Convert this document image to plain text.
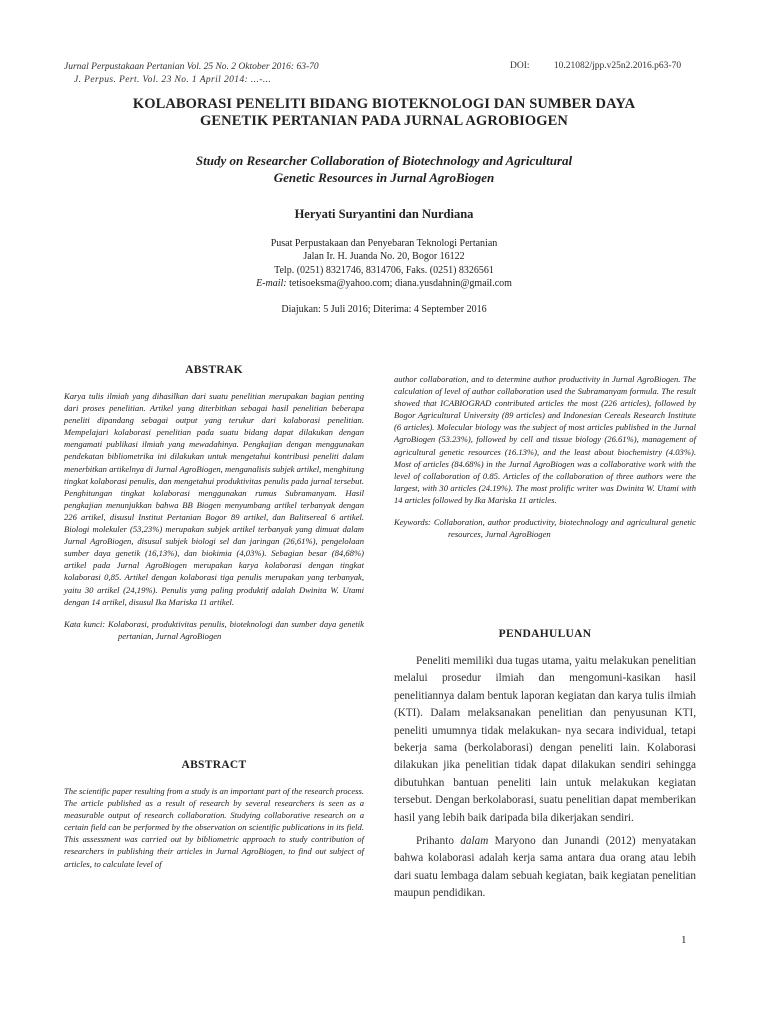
Jurnal Perpustakaan Pertanian Vol. 25 No. 2 Oktober 2016: 63-70
J. Perpus. Pert. Vol. 23 No. 1 April 2014: ...-...
DOI:	10.21082/jpp.v25n2.2016.p63-70
KOLABORASI PENELITI BIDANG BIOTEKNOLOGI DAN SUMBER DAYA
GENETIK PERTANIAN PADA JURNAL AGROBIOGEN
Study on Researcher Collaboration of Biotechnology and Agricultural
Genetic Resources in Jurnal AgroBiogen
Heryati Suryantini dan Nurdiana
Pusat Perpustakaan dan Penyebaran Teknologi Pertanian
Jalan Ir. H. Juanda No. 20, Bogor 16122
Telp. (0251) 8321746, 8314706, Faks. (0251) 8326561
E-mail: tetisoeksma@yahoo.com; diana.yusdahnin@gmail.com
Diajukan: 5 Juli 2016; Diterima: 4 September 2016
ABSTRAK
Karya tulis ilmiah yang dihasilkan dari suatu penelitian merupakan bagian penting dari proses penelitian. Artikel yang diterbitkan sebagai hasil penelitian beberapa peneliti dipandang sebagai output yang terukur dari kolaborasi penelitian. Mempelajari kolaborasi penelitian pada suatu bidang dapat dilakukan dengan mengamati publikasi ilmiah yang mewadahinya. Pengkajian dengan menggunakan pendekatan bibliometrika ini dilakukan untuk mengetahui kontribusi peneliti dalam menerbitkan artikelnya di Jurnal AgroBiogen, menganalisis subjek artikel, menghitung tingkat kolaborasi penulis, dan mengetahui produktivitas penulis pada jurnal tersebut. Penghitungan tingkat kolaborasi menggunakan rumus Subramanyam. Hasil pengkajian menunjukkan bahwa BB Biogen menyumbang artikel terbanyak dengan 226 artikel, disusul Institut Pertanian Bogor 89 artikel, dan Balitsereal 6 artikel. Biologi molekuler (53,23%) merupakan subjek artikel terbanyak yang dimuat dalam Jurnal AgroBiogen, disusul subjek biologi sel dan jaringan (26,61%), pengelolaan sumber daya genetik (16,13%), dan biokimia (4,03%). Sebagian besar (84,68%) artikel pada Jurnal AgroBiogen merupakan karya kolaborasi dengan tingkat kolaborasi 0,85. Artikel dengan kolaborasi tiga penulis merupakan yang terbanyak, yaitu 30 artikel (24,19%). Penulis yang paling produktif adalah Dwinita W. Utami dengan 14 artikel, disusul Ika Mariska 11 artikel.
Kata kunci: Kolaborasi, produktivitas penulis, bioteknologi dan sumber daya genetik pertanian, Jurnal AgroBiogen
ABSTRACT
The scientific paper resulting from a study is an important part of the research process. The article published as a result of research by several researchers is seen as a measurable output of research collaboration. Studying collaborative research on a certain field can be performed by the observation on scientific publications in its field. This assessment was carried out by bibliometric approach to study contribution of researchers in publishing their articles in Jurnal AgroBiogen, to find out subject of articles, to calculate level of
author collaboration, and to determine author productivity in Jurnal AgroBiogen. The calculation of level of author collaboration used the Subramanyam formula. The result showed that ICABIOGRAD contributed articles the most (226 articles), followed by Bogor Agricultural University (89 articles) and Indonesian Cereals Research Institute (6 articles). Molecular biology was the subject of most articles published in the Jurnal AgroBiogen (53.23%), followed by cell and tissue biology (26.61%), management of agricultural genetic resources (16.13%), and the least about biochemistry (4.03%). Most of articles (84.68%) in the Jurnal AgroBiogen was a collaborative work with the level of collaboration of 0.85. Articles of the collaboration of three authors were the largest, with 30 articles (24.19%). The most prolific writer was Dwinita W. Utami with 14 articles followed by Ika Mariska 11 articles.
Keywords: Collaboration, author productivity, biotechnology and agricultural genetic resources, Jurnal AgroBiogen
PENDAHULUAN

Peneliti memiliki dua tugas utama, yaitu melakukan penelitian melalui prosedur ilmiah dan mengomuni-kasikan hasil penelitiannya dalam bentuk laporan kegiatan dan karya tulis ilmiah (KTI). Dalam melaksanakan penelitian dan penyusunan KTI, peneliti umumnya tidak melakukan- nya secara individual, tetapi bekerja sama (berkolaborasi) dengan peneliti lain. Kolaborasi dilakukan jika penelitian tidak dapat dilakukan sendiri sehingga dibutuhkan bantuan peneliti lain untuk melakukan kegiatan tersebut. Dengan berkolaborasi, suatu penelitian dapat memberikan hasil yang lebih baik daripada bila dikerjakan sendiri.

Prihanto dalam Maryono dan Junandi (2012) menyatakan bahwa kolaborasi adalah kerja sama antara dua orang atau lebih dari suatu lembaga dalam sebuah kegiatan, baik kegiatan penelitian maupun pendidikan.

1
